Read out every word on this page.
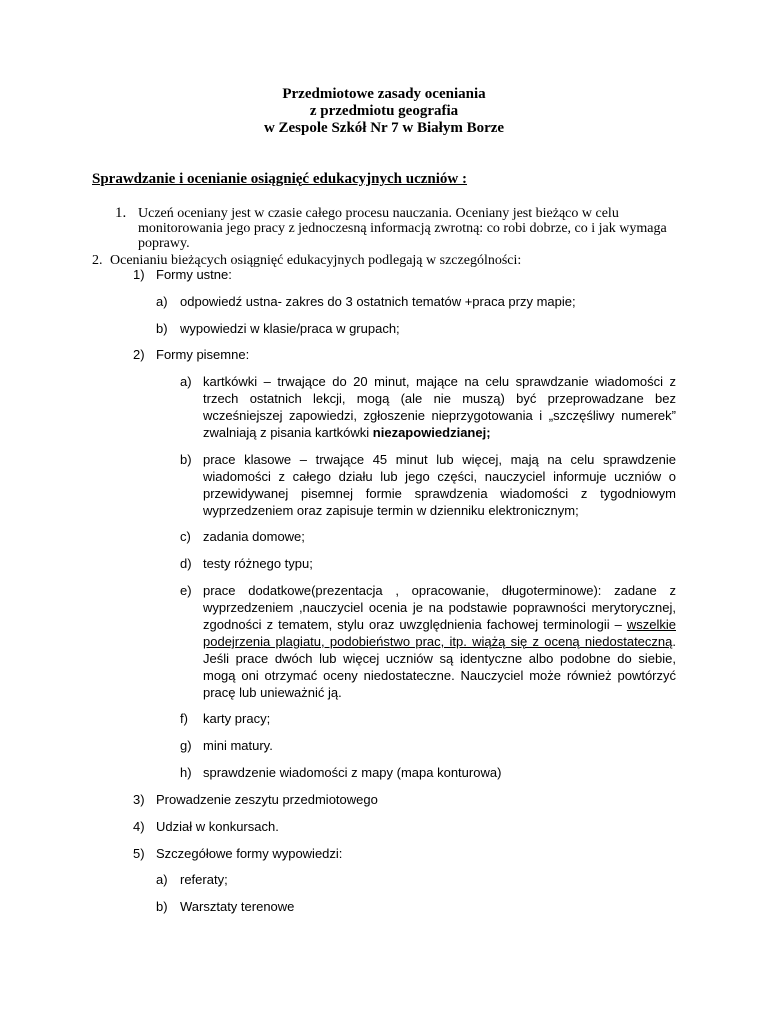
Przedmiotowe zasady oceniania
z przedmiotu geografia
w Zespole Szkół Nr 7 w Białym Borze
Sprawdzanie i ocenianie osiągnięć edukacyjnych uczniów :
1. Uczeń oceniany jest w czasie całego procesu nauczania. Oceniany jest bieżąco w celu monitorowania jego pracy z jednoczesną informacją zwrotną: co robi dobrze, co i jak wymaga poprawy.
2. Ocenianiu bieżących osiągnięć edukacyjnych podlegają w szczególności:
1) Formy ustne:
a) odpowiedź ustna- zakres do 3 ostatnich tematów +praca przy mapie;
b) wypowiedzi w klasie/praca w grupach;
2) Formy pisemne:
a) kartkówki – trwające do 20 minut, mające na celu sprawdzanie wiadomości z trzech ostatnich lekcji, mogą (ale nie muszą) być przeprowadzane bez wcześniejszej zapowiedzi, zgłoszenie nieprzygotowania i „szczęśliwy numerek” zwalniają z pisania kartkówki niezapowiedzianej;
b) prace klasowe – trwające 45 minut lub więcej, mają na celu sprawdzenie wiadomości z całego działu lub jego części, nauczyciel informuje uczniów o przewidywanej pisemnej formie sprawdzenia wiadomości z tygodniowym wyprzedzeniem oraz zapisuje termin w dzienniku elektronicznym;
c) zadania domowe;
d) testy różnego typu;
e) prace dodatkowe(prezentacja , opracowanie, długoterminowe): zadane z wyprzedzeniem ,nauczyciel ocenia je na podstawie poprawności merytorycznej, zgodności z tematem, stylu oraz uwzględnienia fachowej terminologii – wszelkie podejrzenia plagiatu, podobieństwo prac, itp. wiążą się z oceną niedostateczną. Jeśli prace dwóch lub więcej uczniów są identyczne albo podobne do siebie, mogą oni otrzymać oceny niedostateczne. Nauczyciel może również powtórzyć pracę lub unieważnić ją.
f) karty pracy;
g) mini matury.
h) sprawdzenie wiadomości z mapy (mapa konturowa)
3) Prowadzenie zeszytu przedmiotowego
4) Udział w konkursach.
5) Szczegółowe formy wypowiedzi:
a) referaty;
b) Warsztaty terenowe
